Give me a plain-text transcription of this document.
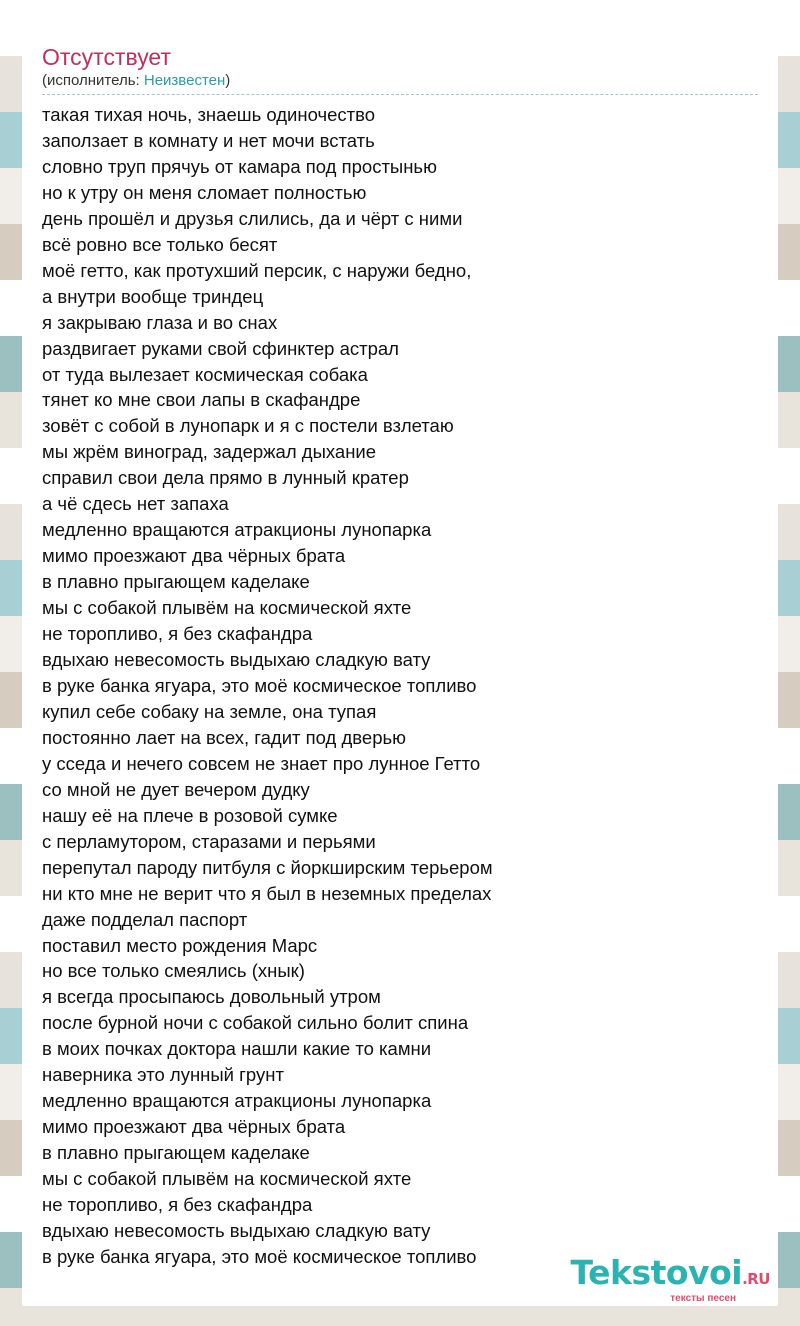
Отсутствует
(исполнитель: Неизвестен)
такая тихая ночь, знаешь одиночество
заползает в комнату и нет мочи встать
словно труп прячуь от камара под простынью
но к утру он меня сломает полностью
день прошёл и друзья слились, да и чёрт с ними
всё ровно все только бесят
моё гетто, как протухший персик, с наружи бедно,
а внутри вообще триндец
я закрываю глаза и во снах
раздвигает руками свой сфинктер астрал
от туда вылезает космическая собака
тянет ко мне свои лапы в скафандре
зовёт с собой в лунопарк и я с постели взлетаю
мы жрём виноград, задержал дыхание
справил свои дела прямо в лунный кратер
а чё сдесь нет запаха
медленно вращаются атракционы лунопарка
мимо проезжают два чёрных брата
в плавно прыгающем каделаке
мы с собакой плывём на космической яхте
не торопливо, я без скафандра
вдыхаю невесомость выдыхаю сладкую вату
в руке банка ягуара, это моё космическое топливо
купил себе собаку на земле, она тупая
постоянно лает на всех, гадит под дверью
у сседа и нечего совсем не знает про лунное Гетто
со мной не дует вечером дудку
нашу её на плече в розовой сумке
с перламутором, старазами и перьями
перепутал пароду питбуля с йоркширским терьером
ни кто мне не верит что я был в неземных пределах
даже подделал паспорт
поставил место рождения Марс
но все только смеялись (хнык)
я всегда просыпаюсь довольный утром
после бурной ночи с собакой сильно болит спина
в моих почках доктора нашли какие то камни
наверника это лунный грунт
медленно вращаются атракционы лунопарка
мимо проезжают два чёрных брата
в плавно прыгающем каделаке
мы с собакой плывём на космической яхте
не торопливо, я без скафандра
вдыхаю невесомость выдыхаю сладкую вату
в руке банка ягуара, это моё космическое топливо	Tekstovoi.RU
тексты песен
